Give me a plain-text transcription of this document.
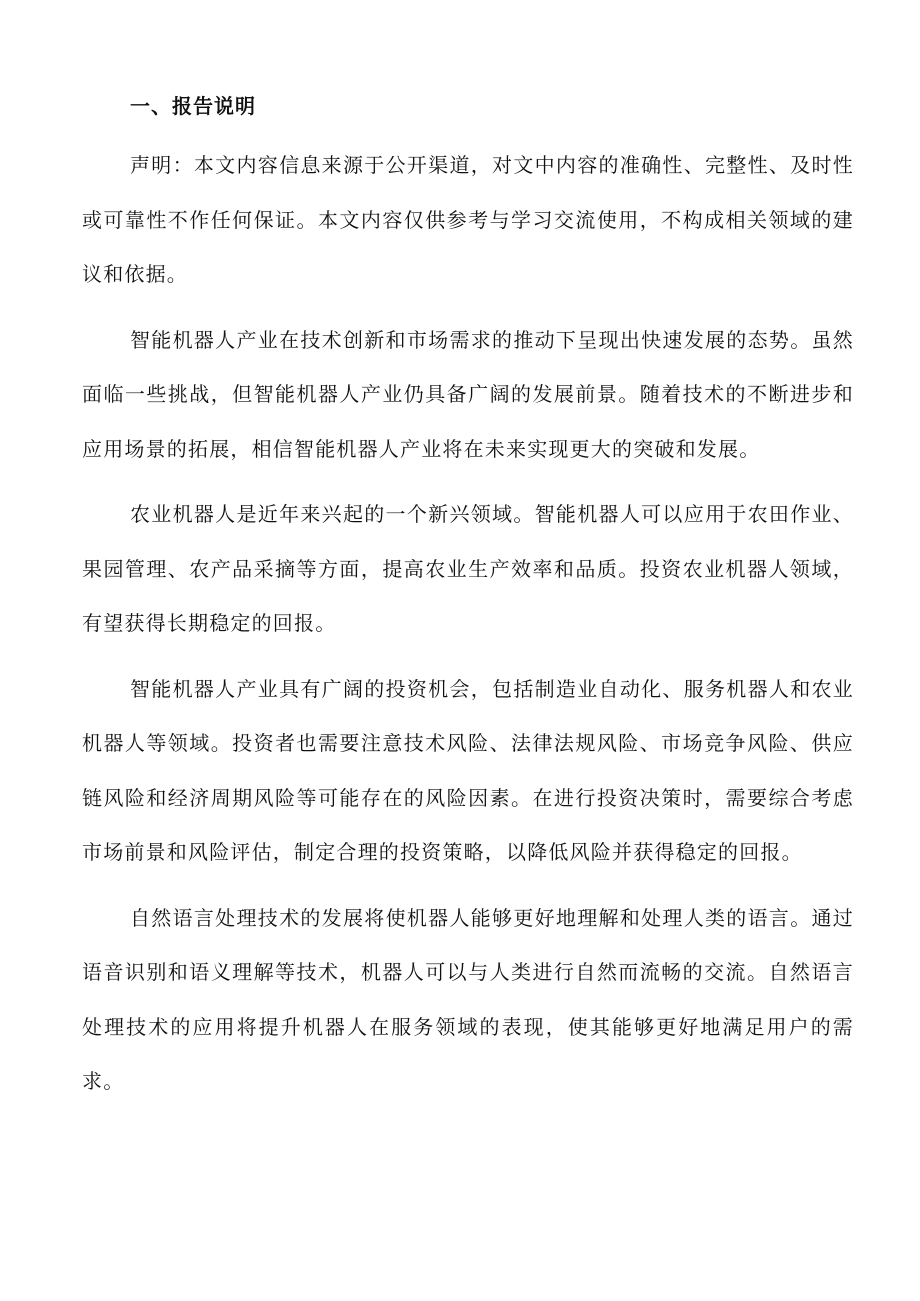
一、报告说明

声明：本文内容信息来源于公开渠道，对文中内容的准确性、完整性、及时性或可靠性不作任何保证。本文内容仅供参考与学习交流使用，不构成相关领域的建议和依据。

智能机器人产业在技术创新和市场需求的推动下呈现出快速发展的态势。虽然面临一些挑战，但智能机器人产业仍具备广阔的发展前景。随着技术的不断进步和应用场景的拓展，相信智能机器人产业将在未来实现更大的突破和发展。

农业机器人是近年来兴起的一个新兴领域。智能机器人可以应用于农田作业、果园管理、农产品采摘等方面，提高农业生产效率和品质。投资农业机器人领域，有望获得长期稳定的回报。

智能机器人产业具有广阔的投资机会，包括制造业自动化、服务机器人和农业机器人等领域。投资者也需要注意技术风险、法律法规风险、市场竞争风险、供应链风险和经济周期风险等可能存在的风险因素。在进行投资决策时，需要综合考虑市场前景和风险评估，制定合理的投资策略，以降低风险并获得稳定的回报。

自然语言处理技术的发展将使机器人能够更好地理解和处理人类的语言。通过语音识别和语义理解等技术，机器人可以与人类进行自然而流畅的交流。自然语言处理技术的应用将提升机器人在服务领域的表现，使其能够更好地满足用户的需求。
